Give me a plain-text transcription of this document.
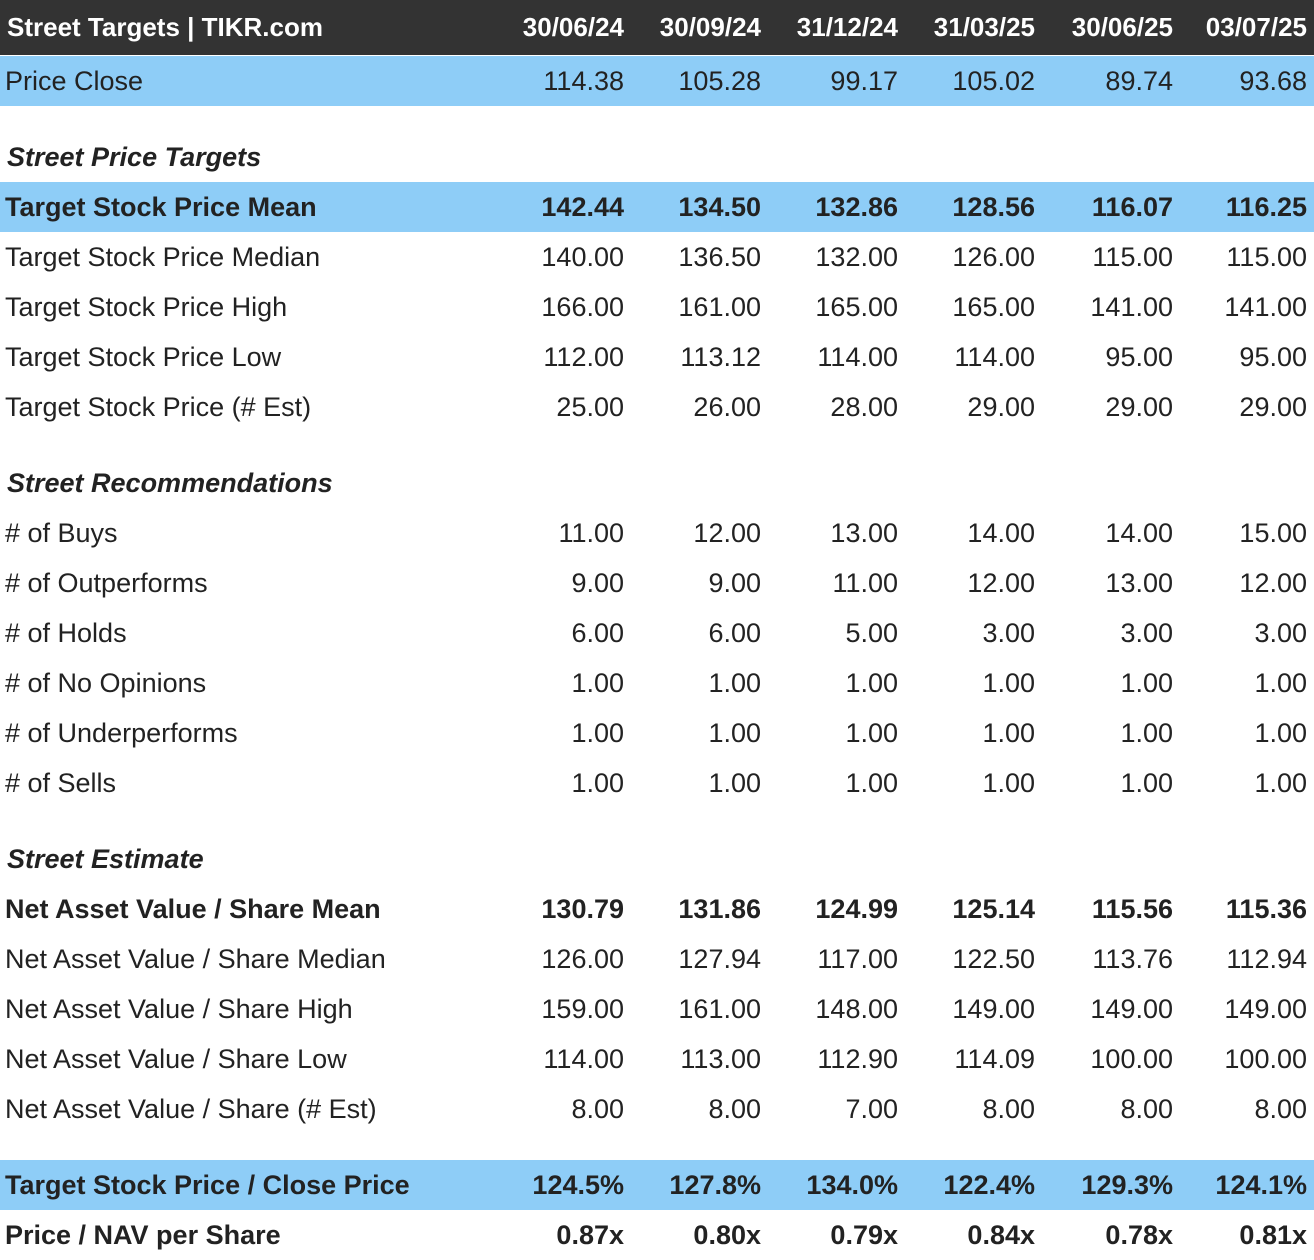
Street Targets | TIKR.com	30/06/24	30/09/24	31/12/24	31/03/25	30/06/25	03/07/25
Price Close	114.38	105.28	99.17	105.02	89.74	93.68
Street Price Targets
Target Stock Price Mean	142.44	134.50	132.86	128.56	116.07	116.25
Target Stock Price Median	140.00	136.50	132.00	126.00	115.00	115.00
Target Stock Price High	166.00	161.00	165.00	165.00	141.00	141.00
Target Stock Price Low	112.00	113.12	114.00	114.00	95.00	95.00
Target Stock Price (# Est)	25.00	26.00	28.00	29.00	29.00	29.00
Street Recommendations
# of Buys	11.00	12.00	13.00	14.00	14.00	15.00
# of Outperforms	9.00	9.00	11.00	12.00	13.00	12.00
# of Holds	6.00	6.00	5.00	3.00	3.00	3.00
# of No Opinions	1.00	1.00	1.00	1.00	1.00	1.00
# of Underperforms	1.00	1.00	1.00	1.00	1.00	1.00
# of Sells	1.00	1.00	1.00	1.00	1.00	1.00
Street Estimate
Net Asset Value / Share Mean	130.79	131.86	124.99	125.14	115.56	115.36
Net Asset Value / Share Median	126.00	127.94	117.00	122.50	113.76	112.94
Net Asset Value / Share High	159.00	161.00	148.00	149.00	149.00	149.00
Net Asset Value / Share Low	114.00	113.00	112.90	114.09	100.00	100.00
Net Asset Value / Share (# Est)	8.00	8.00	7.00	8.00	8.00	8.00
Target Stock Price / Close Price	124.5%	127.8%	134.0%	122.4%	129.3%	124.1%
Price / NAV per Share	0.87x	0.80x	0.79x	0.84x	0.78x	0.81x
